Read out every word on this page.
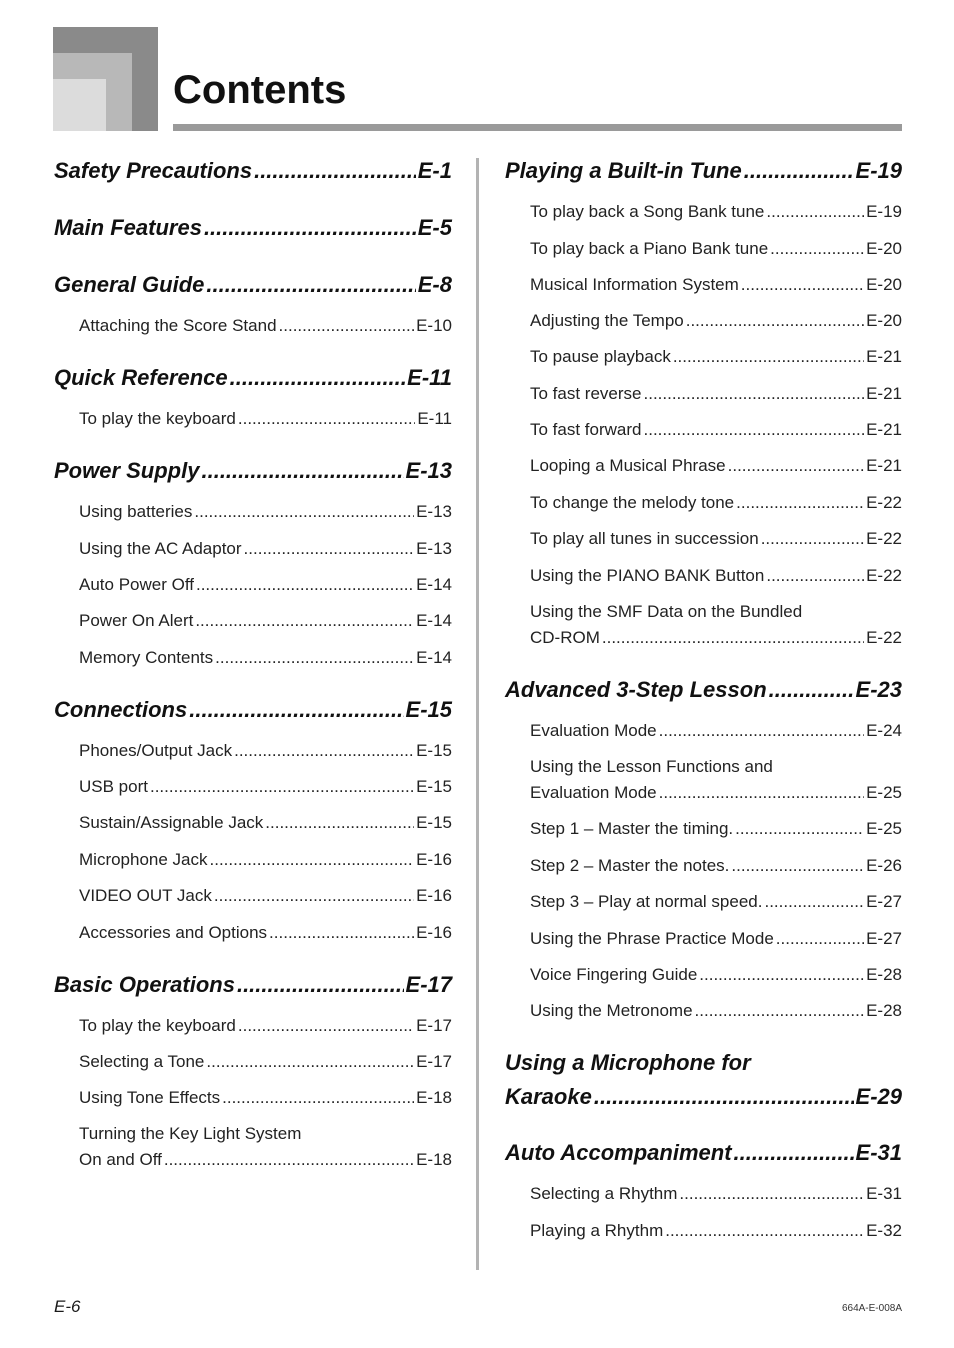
Contents
Safety Precautions .....	E-1
Main Features .....	E-5
General Guide .....	E-8
Attaching the Score Stand .....	E-10
Quick Reference .....	E-11
To play the keyboard .....	E-11
Power Supply .....	E-13
Using batteries .....	E-13
Using the AC Adaptor .....	E-13
Auto Power Off .....	E-14
Power On Alert .....	E-14
Memory Contents .....	E-14
Connections .....	E-15
Phones/Output Jack .....	E-15
USB port .....	E-15
Sustain/Assignable Jack .....	E-15
Microphone Jack .....	E-16
VIDEO OUT Jack .....	E-16
Accessories and Options .....	E-16
Basic Operations .....	E-17
To play the keyboard .....	E-17
Selecting a Tone .....	E-17
Using Tone Effects .....	E-18
Turning the Key Light System
On and Off .....	E-18
Playing a Built-in Tune .....	E-19
To play back a Song Bank tune .....	E-19
To play back a Piano Bank tune .....	E-20
Musical Information System .....	E-20
Adjusting the Tempo .....	E-20
To pause playback .....	E-21
To fast reverse .....	E-21
To fast forward .....	E-21
Looping a Musical Phrase .....	E-21
To change the melody tone .....	E-22
To play all tunes in succession .....	E-22
Using the PIANO BANK Button .....	E-22
Using the SMF Data on the Bundled
CD-ROM .....	E-22
Advanced 3-Step Lesson .....	E-23
Evaluation Mode .....	E-24
Using the Lesson Functions and
Evaluation Mode .....	E-25
Step 1 – Master the timing. .....	E-25
Step 2 – Master the notes. .....	E-26
Step 3 – Play at normal speed. .....	E-27
Using the Phrase Practice Mode .....	E-27
Voice Fingering Guide .....	E-28
Using the Metronome .....	E-28
Using a Microphone for
Karaoke .....	E-29
Auto Accompaniment .....	E-31
Selecting a Rhythm .....	E-31
Playing a Rhythm .....	E-32
E-6	664A-E-008A
